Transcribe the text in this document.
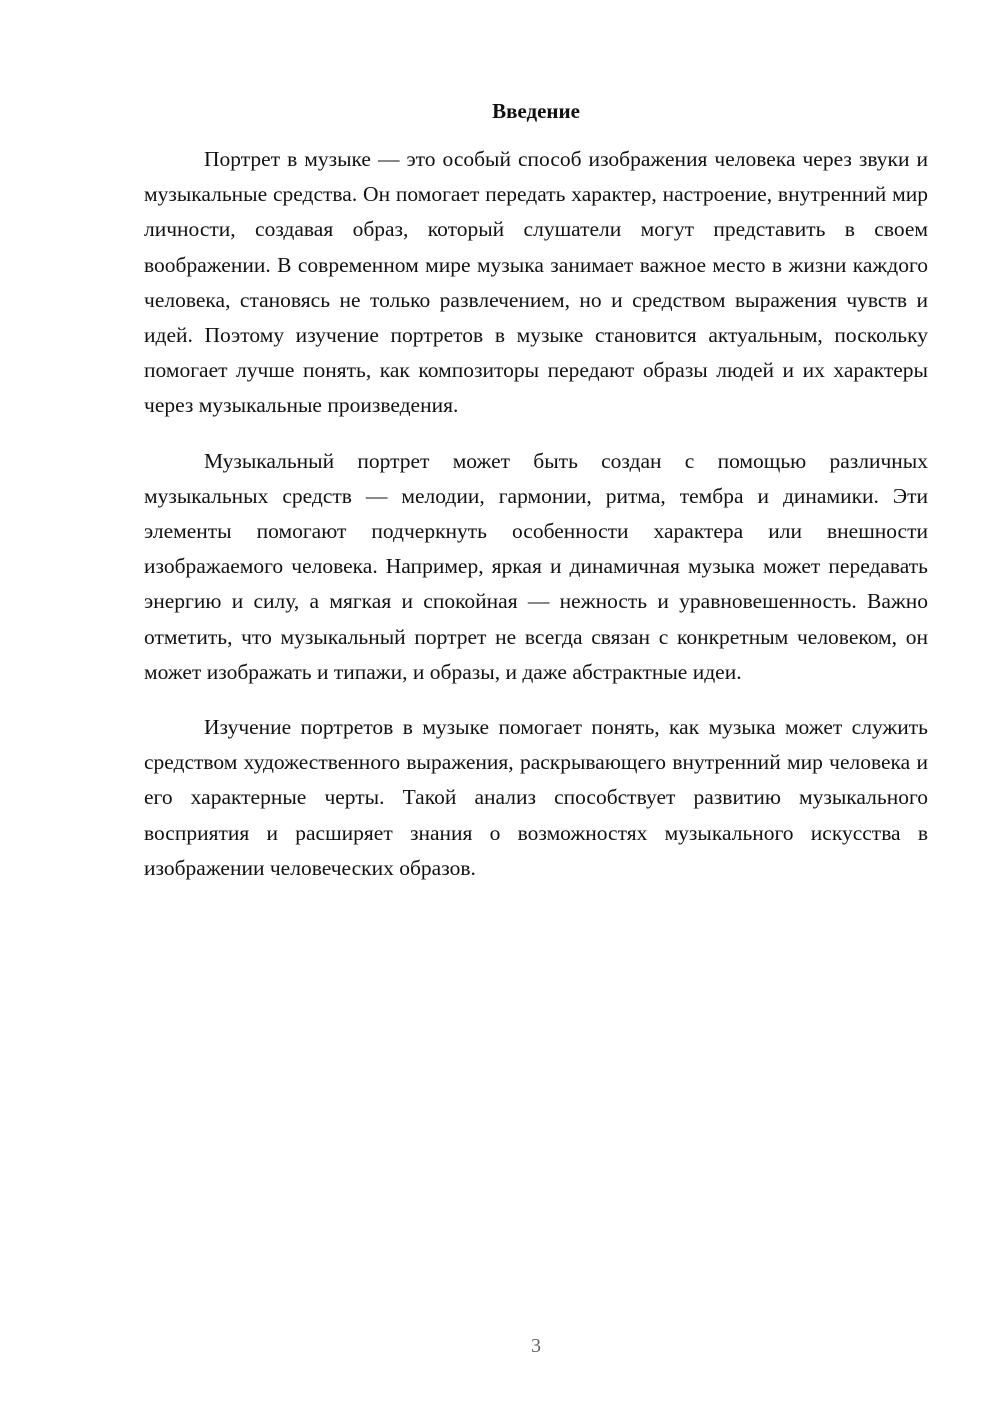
Введение

Портрет в музыке — это особый способ изображения человека через звуки и музыкальные средства. Он помогает передать характер, настроение, внутренний мир личности, создавая образ, который слушатели могут представить в своем воображении. В современном мире музыка занимает важное место в жизни каждого человека, становясь не только развлечением, но и средством выражения чувств и идей. Поэтому изучение портретов в музыке становится актуальным, поскольку помогает лучше понять, как композиторы передают образы людей и их характеры через музыкальные произведения.

Музыкальный портрет может быть создан с помощью различных музыкальных средств — мелодии, гармонии, ритма, тембра и динамики. Эти элементы помогают подчеркнуть особенности характера или внешности изображаемого человека. Например, яркая и динамичная музыка может передавать энергию и силу, а мягкая и спокойная — нежность и уравновешенность. Важно отметить, что музыкальный портрет не всегда связан с конкретным человеком, он может изображать и типажи, и образы, и даже абстрактные идеи.

Изучение портретов в музыке помогает понять, как музыка может служить средством художественного выражения, раскрывающего внутренний мир человека и его характерные черты. Такой анализ способствует развитию музыкального восприятия и расширяет знания о возможностях музыкального искусства в изображении человеческих образов.

3
